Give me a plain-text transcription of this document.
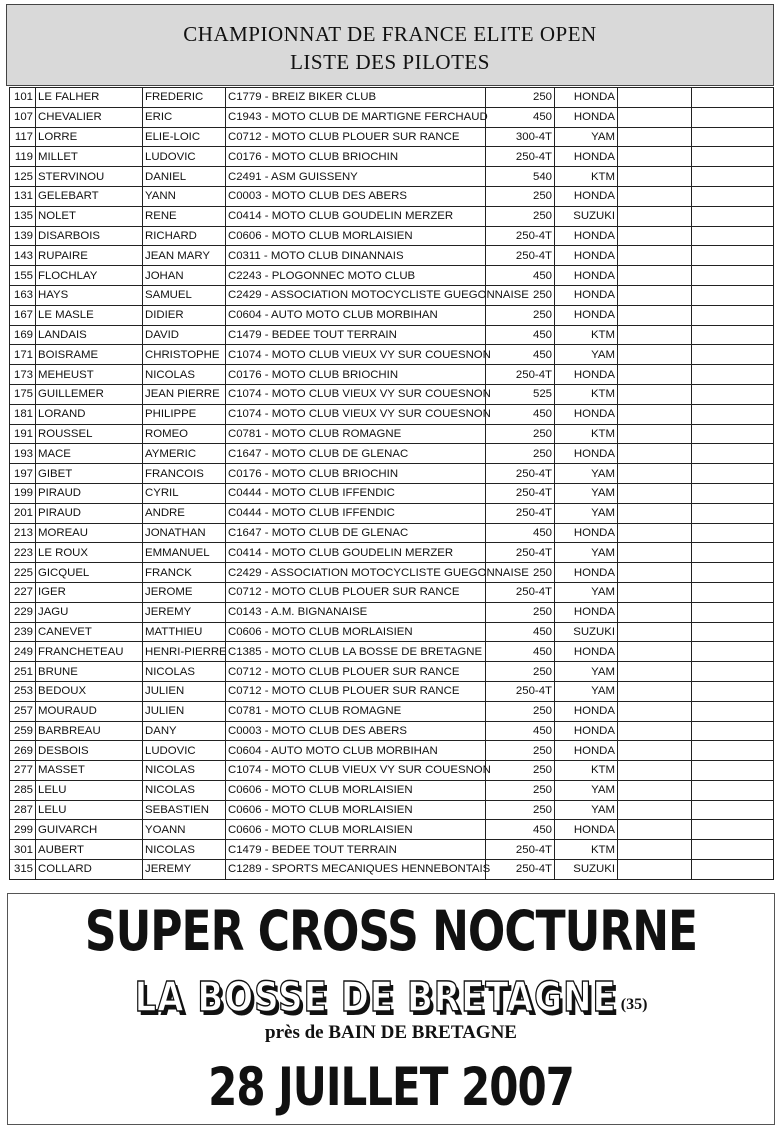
CHAMPIONNAT DE FRANCE ELITE OPEN
LISTE DES PILOTES
101	LE FALHER	FREDERIC	C1779 - BREIZ BIKER CLUB	250	HONDA		
107	CHEVALIER	ERIC	C1943 - MOTO CLUB DE MARTIGNE FERCHAUD	450	HONDA		
117	LORRE	ELIE-LOIC	C0712 - MOTO CLUB PLOUER SUR RANCE	300-4T	YAM		
119	MILLET	LUDOVIC	C0176 - MOTO CLUB BRIOCHIN	250-4T	HONDA		
125	STERVINOU	DANIEL	C2491 - ASM GUISSENY	540	KTM		
131	GELEBART	YANN	C0003 - MOTO CLUB DES ABERS	250	HONDA		
135	NOLET	RENE	C0414 - MOTO CLUB GOUDELIN MERZER	250	SUZUKI		
139	DISARBOIS	RICHARD	C0606 - MOTO CLUB MORLAISIEN	250-4T	HONDA		
143	RUPAIRE	JEAN MARY	C0311 - MOTO CLUB DINANNAIS	250-4T	HONDA		
155	FLOCHLAY	JOHAN	C2243 - PLOGONNEC MOTO CLUB	450	HONDA		
163	HAYS	SAMUEL	C2429 - ASSOCIATION MOTOCYCLISTE GUEGONNAISE	250	HONDA		
167	LE MASLE	DIDIER	C0604 - AUTO MOTO CLUB MORBIHAN	250	HONDA		
169	LANDAIS	DAVID	C1479 - BEDEE TOUT TERRAIN	450	KTM		
171	BOISRAME	CHRISTOPHE	C1074 - MOTO CLUB VIEUX VY SUR COUESNON	450	YAM		
173	MEHEUST	NICOLAS	C0176 - MOTO CLUB BRIOCHIN	250-4T	HONDA		
175	GUILLEMER	JEAN PIERRE	C1074 - MOTO CLUB VIEUX VY SUR COUESNON	525	KTM		
181	LORAND	PHILIPPE	C1074 - MOTO CLUB VIEUX VY SUR COUESNON	450	HONDA		
191	ROUSSEL	ROMEO	C0781 - MOTO CLUB ROMAGNE	250	KTM		
193	MACE	AYMERIC	C1647 - MOTO CLUB DE GLENAC	250	HONDA		
197	GIBET	FRANCOIS	C0176 - MOTO CLUB BRIOCHIN	250-4T	YAM		
199	PIRAUD	CYRIL	C0444 - MOTO CLUB IFFENDIC	250-4T	YAM		
201	PIRAUD	ANDRE	C0444 - MOTO CLUB IFFENDIC	250-4T	YAM		
213	MOREAU	JONATHAN	C1647 - MOTO CLUB DE GLENAC	450	HONDA		
223	LE ROUX	EMMANUEL	C0414 - MOTO CLUB GOUDELIN MERZER	250-4T	YAM		
225	GICQUEL	FRANCK	C2429 - ASSOCIATION MOTOCYCLISTE GUEGONNAISE	250	HONDA		
227	IGER	JEROME	C0712 - MOTO CLUB PLOUER SUR RANCE	250-4T	YAM		
229	JAGU	JEREMY	C0143 - A.M. BIGNANAISE	250	HONDA		
239	CANEVET	MATTHIEU	C0606 - MOTO CLUB MORLAISIEN	450	SUZUKI		
249	FRANCHETEAU	HENRI-PIERRE	C1385 - MOTO CLUB LA BOSSE DE BRETAGNE	450	HONDA		
251	BRUNE	NICOLAS	C0712 - MOTO CLUB PLOUER SUR RANCE	250	YAM		
253	BEDOUX	JULIEN	C0712 - MOTO CLUB PLOUER SUR RANCE	250-4T	YAM		
257	MOURAUD	JULIEN	C0781 - MOTO CLUB ROMAGNE	250	HONDA		
259	BARBREAU	DANY	C0003 - MOTO CLUB DES ABERS	450	HONDA		
269	DESBOIS	LUDOVIC	C0604 - AUTO MOTO CLUB MORBIHAN	250	HONDA		
277	MASSET	NICOLAS	C1074 - MOTO CLUB VIEUX VY SUR COUESNON	250	KTM		
285	LELU	NICOLAS	C0606 - MOTO CLUB MORLAISIEN	250	YAM		
287	LELU	SEBASTIEN	C0606 - MOTO CLUB MORLAISIEN	250	YAM		
299	GUIVARCH	YOANN	C0606 - MOTO CLUB MORLAISIEN	450	HONDA		
301	AUBERT	NICOLAS	C1479 - BEDEE TOUT TERRAIN	250-4T	KTM		
315	COLLARD	JEREMY	C1289 - SPORTS MECANIQUES HENNEBONTAIS	250-4T	SUZUKI		
SUPER CROSS NOCTURNE
LA BOSSE DE BRETAGNE (35)
près de BAIN DE BRETAGNE
28 JUILLET 2007
